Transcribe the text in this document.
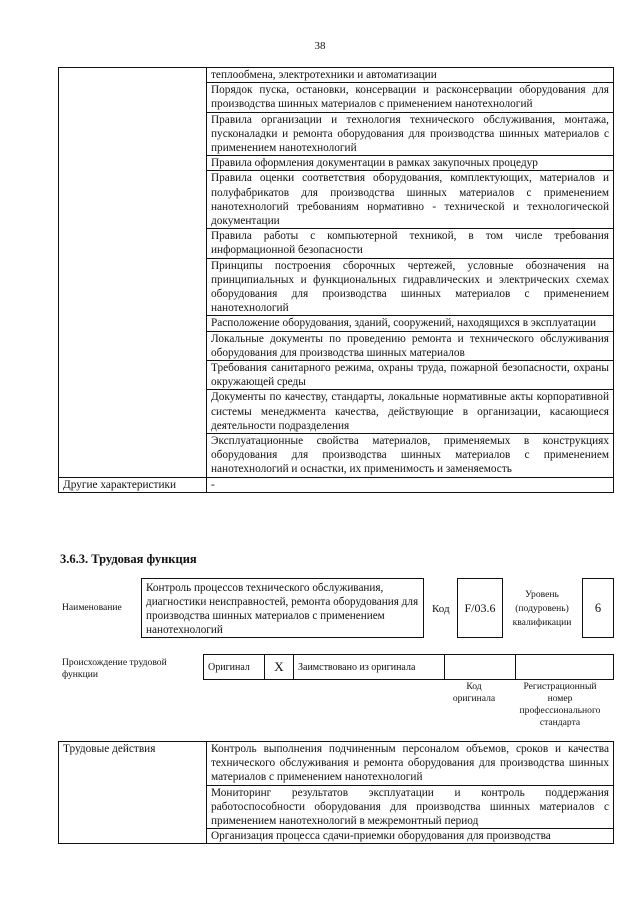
38
	теплообмена, электротехники и автоматизации
	Порядок пуска, остановки, консервации и расконсервации оборудования для производства шинных материалов с применением нанотехнологий
	Правила организации и технология технического обслуживания, монтажа, пусконаладки и ремонта оборудования для производства шинных материалов с применением нанотехнологий
	Правила оформления документации в рамках закупочных процедур
	Правила оценки соответствия оборудования, комплектующих, материалов и полуфабрикатов для производства шинных материалов с применением нанотехнологий требованиям нормативно - технической и технологической документации
	Правила работы с компьютерной техникой, в том числе требования информационной безопасности
	Принципы построения сборочных чертежей, условные обозначения на принципиальных и функциональных гидравлических и электрических схемах оборудования для производства шинных материалов с применением нанотехнологий
	Расположение оборудования, зданий, сооружений, находящихся в эксплуатации
	Локальные документы по проведению ремонта и технического обслуживания оборудования для производства шинных материалов
	Требования санитарного режима, охраны труда, пожарной безопасности, охраны окружающей среды
	Документы по качеству, стандарты, локальные нормативные акты корпоративной системы менеджмента качества, действующие в организации, касающиеся деятельности подразделения
	Эксплуатационные свойства материалов, применяемых в конструкциях оборудования для производства шинных материалов с применением нанотехнологий и оснастки, их применимость и заменяемость
Другие характеристики	-
3.6.3. Трудовая функция
Наименование
Контроль процессов технического обслуживания, диагностики неисправностей, ремонта оборудования для производства шинных материалов с применением нанотехнологий
Код	F/03.6
Уровень (подуровень) квалификации
6
Происхождение трудовой функции
Оригинал	X	Заимствовано из оригинала		
Код оригинала
Регистрационный номер профессионального стандарта
Трудовые действия	Контроль выполнения подчиненным персоналом объемов, сроков и качества технического обслуживания и ремонта оборудования для производства шинных материалов с применением нанотехнологий
Мониторинг результатов эксплуатации и контроль поддержания работоспособности оборудования для производства шинных материалов с применением нанотехнологий в межремонтный период
Организация процесса сдачи-приемки оборудования для производства
